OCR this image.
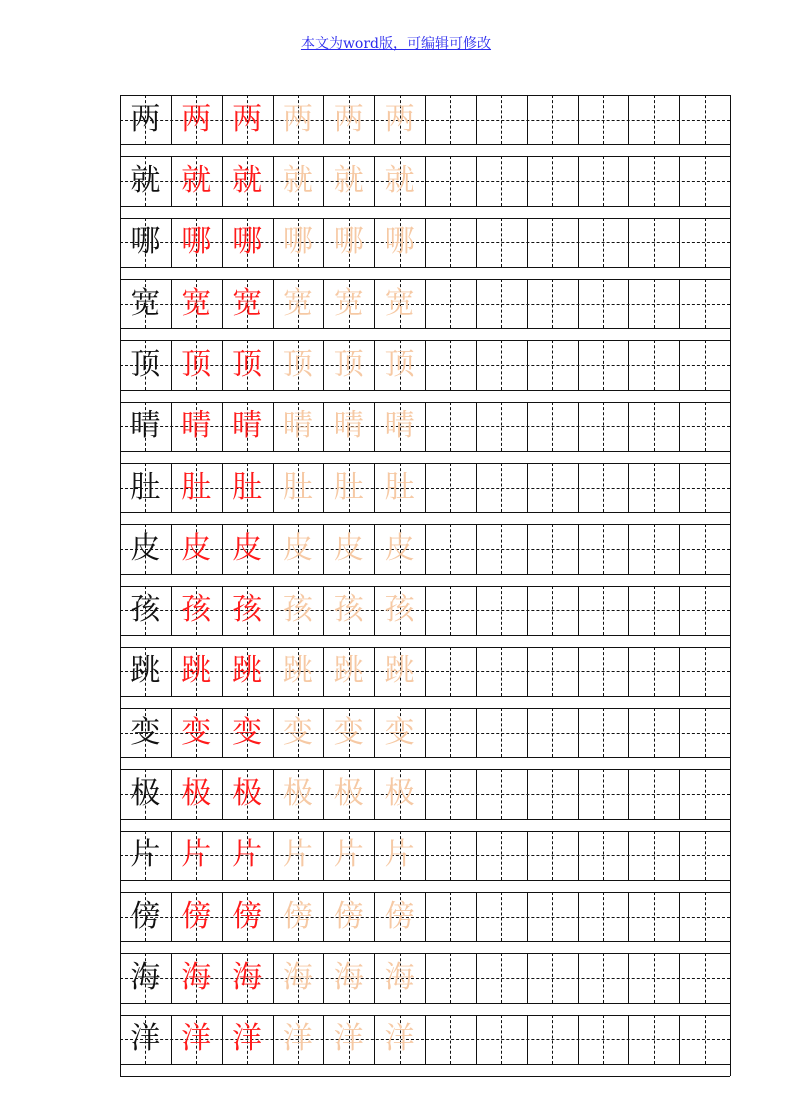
本文为word版，可编辑可修改
两 两 两 两 两 两
就 就 就 就 就 就
哪 哪 哪 哪 哪 哪
宽 宽 宽 宽 宽 宽
顶 顶 顶 顶 顶 顶
晴 晴 晴 晴 晴 晴
肚 肚 肚 肚 肚 肚
皮 皮 皮 皮 皮 皮
孩 孩 孩 孩 孩 孩
跳 跳 跳 跳 跳 跳
变 变 变 变 变 变
极 极 极 极 极 极
片 片 片 片 片 片
傍 傍 傍 傍 傍 傍
海 海 海 海 海 海
洋 洋 洋 洋 洋 洋
